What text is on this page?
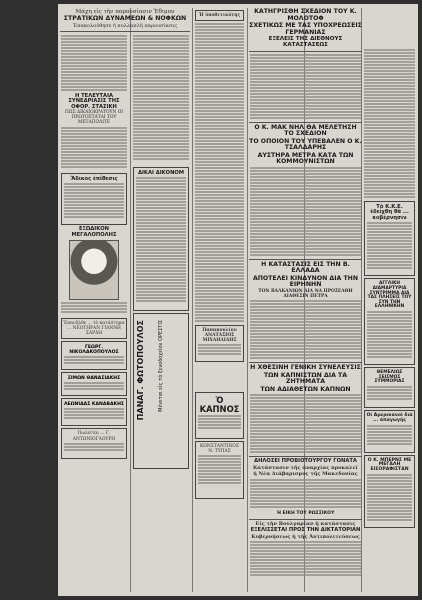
Μάχη εἰς τὴν παρουσίασιν Ἐθιμου
ΣΤΡΑΤΙΚΩΝ ΔΥΝΑΜΕΩΝ & ΝΟΦΚΩΝ
Ἐπακολούθησε ἡ πολλαπλῆ παρουσίασις
Η ΤΕΛΕΥΤΑΙΑ ΣΥΝΕΔΡΙΑΣΙΣ ΤΗΣ ΟΦΟΡ. ΣΤΑΣΙΚΗ
ΠΩΣ ΔΙΚΑΙΟΚΡΑΤΟΥΝ ΟΙ ΠΡΩΤΟΣΤΑΤΑΙ ΤΟΥ ΜΕΤΑΠΟΛΙΤΕ
Ἄδικος ἐπίθεσις
ΕΞΩΔΙΚΟΝ ΜΕΓΑΛΟΠΟΛΗΣ
Ἐπανῆλθε ... τὸ κατάστημα ... ΝΕΟΤΗΡΑΝ ΓΙΑΝΝΗ ΣΑΡΔΗ
ΓΕΩΡΓ. ΝΙΚΟΛΑΚΟΠΟΥΛΟΣ
ΣΙΜΩΝ ΘΑΝΑΣΙΑΚΗΣ
ΛΕΩΝΙΔΑΣ ΚΑΝΑΒΑΚΗΣ
Πωλεῖται ... Γ. ΑΝΤΩΝΙΟΓΛΟΥΡΗ
ΔΙΚΑΙ ΔΙΚΟΝΟΜ
ΠΑΝΑΓ. ΦΩΤΟΠΟΥΛΟΣ	Μένεται εἰς τὸ ξενοδοχεῖον ΟΡΕΣΤΙΣ
Ἡ ὑποθετικότης
Παπαπουλίου ΑΝΑΤΑΣΙΟΣ ΜΙΧΑΗΛΙΔΗΣ
Ὁ ΚΑΠΝΟΣ
ΚΩΝΣΤΑΝΤΙΝΟΣ Ν. ΤΥΠΑΣ
ΚΑΤΗΓΡΙΣΘΗ ΣΧΕΔΙΟΝ ΤΟΥ Κ. ΜΟΛΟΤΟΦ
ΣΧΕΤΙΚΩΣ ΜΕ ΤΑΣ ΥΠΟΧΡΕΩΣΕΙΣ ΓΕΡΜΑΝΙΑΣ
ΕΞΕΛΕΙΣ ΤΗΣ ΔΙΕΘΝΟΥΣ ΚΑΤΑΣΤΑΣΕΩΣ
Ο Κ. ΜΑΚ ΝΗΛ ΘΑ ΜΕΛΕΤΗΣΗ ΤΟ ΣΧΕΔΙΟΝ
ΤΟ ΟΠΟΙΟΝ ΤΟΥ ΥΠΕΒΑΛΕΝ Ο Κ. ΤΣΑΛΔΑΡΗΣ
ΑΥΣΤΗΡΑ ΜΕΤΡΑ ΚΑΤΑ ΤΩΝ ΚΟΜΜΟΥΝΙΣΤΩΝ
Η ΚΑΤΑΣΤΑΣΙΣ ΕΙΣ ΤΗΝ Β. ΕΛΛΑΔΑ
ΑΠΟΤΕΛΕΙ ΚΙΝΔΥΝΟΝ ΔΙΑ ΤΗΝ ΕΙΡΗΝΗΝ
ΤΟΝ ΒΑΛΚΑΝΙΩΝ ΔΙΑ ΝΑ ΠΡΟΣΕΛΘΗ ΔΙΑΘΕΣΙΝ ΠΕΤΡΑ
Η ΧΘΕΣΙΝΗ ΓΕΝΙΚΗ ΣΥΝΕΛΕΥΣΙΣ
ΤΩΝ ΚΑΠΝΙΣΤΩΝ ΔΙΑ ΤΑ ΖΗΤΗΜΑΤΑ
ΤΩΝ ΑΔΙΑΘΕΤΩΝ ΚΑΠΝΩΝ
ΔΗΛΟΣΕΙ ΠΡΟΒΙΟΤΟΥΡΓΟΥ ΓΟΝΑΤΑ
Κατάστασιν τῆς ἀναρχίας προκαλεῖ
ἡ Νέα Διάβαρισμος τῆς Μακεδονίας
Ἡ ΕΙΚΗ ΤΟΥ ΡΩΣΣΙΚΟΥ
Εἰς τὴν Βουλγαρίαν ἡ κατάστασις
ΕΞΕΛΙΣΣΕΤΑΙ ΠΡΟΣ ΤΗΝ ΔΙΚΤΑΤΟΡΙΑΝ
Κυβερνήσεως ἡ τῆς Ἀντιπολιτεύσεως
Τὸ Κ.Κ.Ε. ἐδείχθη θὰ ... κυβέρνησιν
ΑΓΓΛΙΚΗ ΔΙΑΜΑΡΤΥΡΙΑ ΣΥΝΤΡΙΜΜΑ ΔΙΑ ΤΑΣ ΠΛΗΣΕΙΣ ΤΟΥ ΣΥΝ ΤΗΝ ΕΛΛΗΝΙΚΗΝ
ΘΕΜΕΛΙΩΣ ΣΕΙΣΜΟΣ ΣΥΜΜΟΡΙΑΣ
Οἱ Ἀμερικανοὶ διὰ ... ἀπαγωγῆς
Ο Κ. ΜΠΕΡΝΣ ΜΕ ΜΕΓΑΛΗ ΕΙΣΟΡΑΦΙΣΤΑΝ
